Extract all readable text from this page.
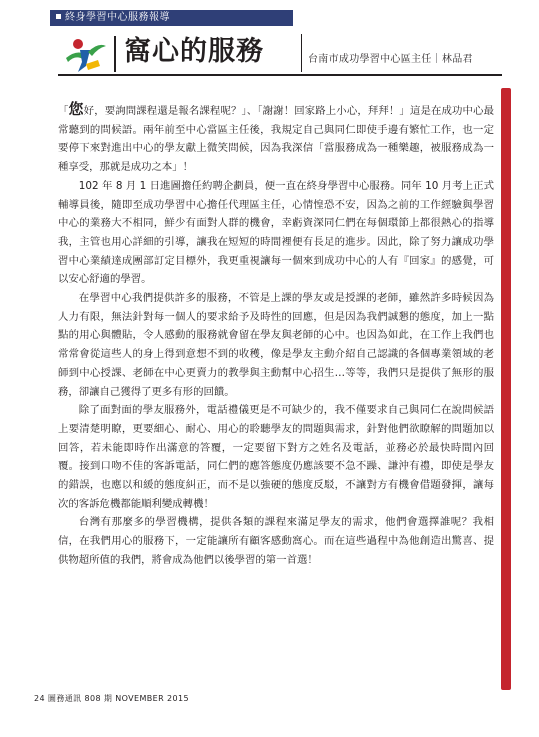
終身學習中心服務報導
窩心的服務	台南市成功學習中心區主任｜林品君

「您好，要詢問課程還是報名課程呢？」、「謝謝！回家路上小心，拜拜！」這是在成功中心最常聽到的問候語。兩年前至中心當區主任後，我規定自己與同仁即使手邊有繁忙工作，也一定要停下來對進出中心的學友獻上微笑問候，因為我深信「當服務成為一種樂趣，被服務成為一種享受，那就是成功之本」！

102 年 8 月 1 日進圖擔任約聘企劃員，便一直在終身學習中心服務。同年 10 月考上正式輔導員後，隨即至成功學習中心擔任代理區主任，心情惶恐不安，因為之前的工作經驗與學習中心的業務大不相同，鮮少有面對人群的機會，幸虧資深同仁們在每個環節上都很熱心的指導我，主管也用心詳細的引導，讓我在短短的時間裡便有長足的進步。因此，除了努力讓成功學習中心業績達成團部訂定目標外，我更重視讓每一個來到成功中心的人有『回家』的感覺，可以安心舒適的學習。

在學習中心我們提供許多的服務，不管是上課的學友或是授課的老師，雖然許多時候因為人力有限，無法針對每一個人的要求給予及時性的回應，但是因為我們誠懇的態度，加上一點點的用心與體貼，令人感動的服務就會留在學友與老師的心中。也因為如此，在工作上我們也常常會從這些人的身上得到意想不到的收穫，像是學友主動介紹自己認識的各個專業領域的老師到中心授課、老師在中心更賣力的教學與主動幫中心招生…等等，我們只是提供了無形的服務，卻讓自己獲得了更多有形的回饋。

除了面對面的學友服務外，電話禮儀更是不可缺少的，我不僅要求自己與同仁在說問候語上要清楚明瞭，更要細心、耐心、用心的聆聽學友的問題與需求，針對他們欲瞭解的問題加以回答，若未能即時作出滿意的答覆，一定要留下對方之姓名及電話，並務必於最快時間內回覆。接到口吻不佳的客訴電話，同仁們的應答態度仍應該要不急不躁、謙沖有禮，即使是學友的錯誤，也應以和緩的態度糾正，而不是以強硬的態度反駁，不讓對方有機會借題發揮，讓每次的客訴危機都能順利變成轉機！

台灣有那麼多的學習機構，提供各類的課程來滿足學友的需求，他們會選擇誰呢？我相信，在我們用心的服務下，一定能讓所有顧客感動窩心。而在這些過程中為他創造出驚喜、提供物超所值的我們，將會成為他們以後學習的第一首選！

24 圖務通訊 808 期 NOVEMBER 2015
